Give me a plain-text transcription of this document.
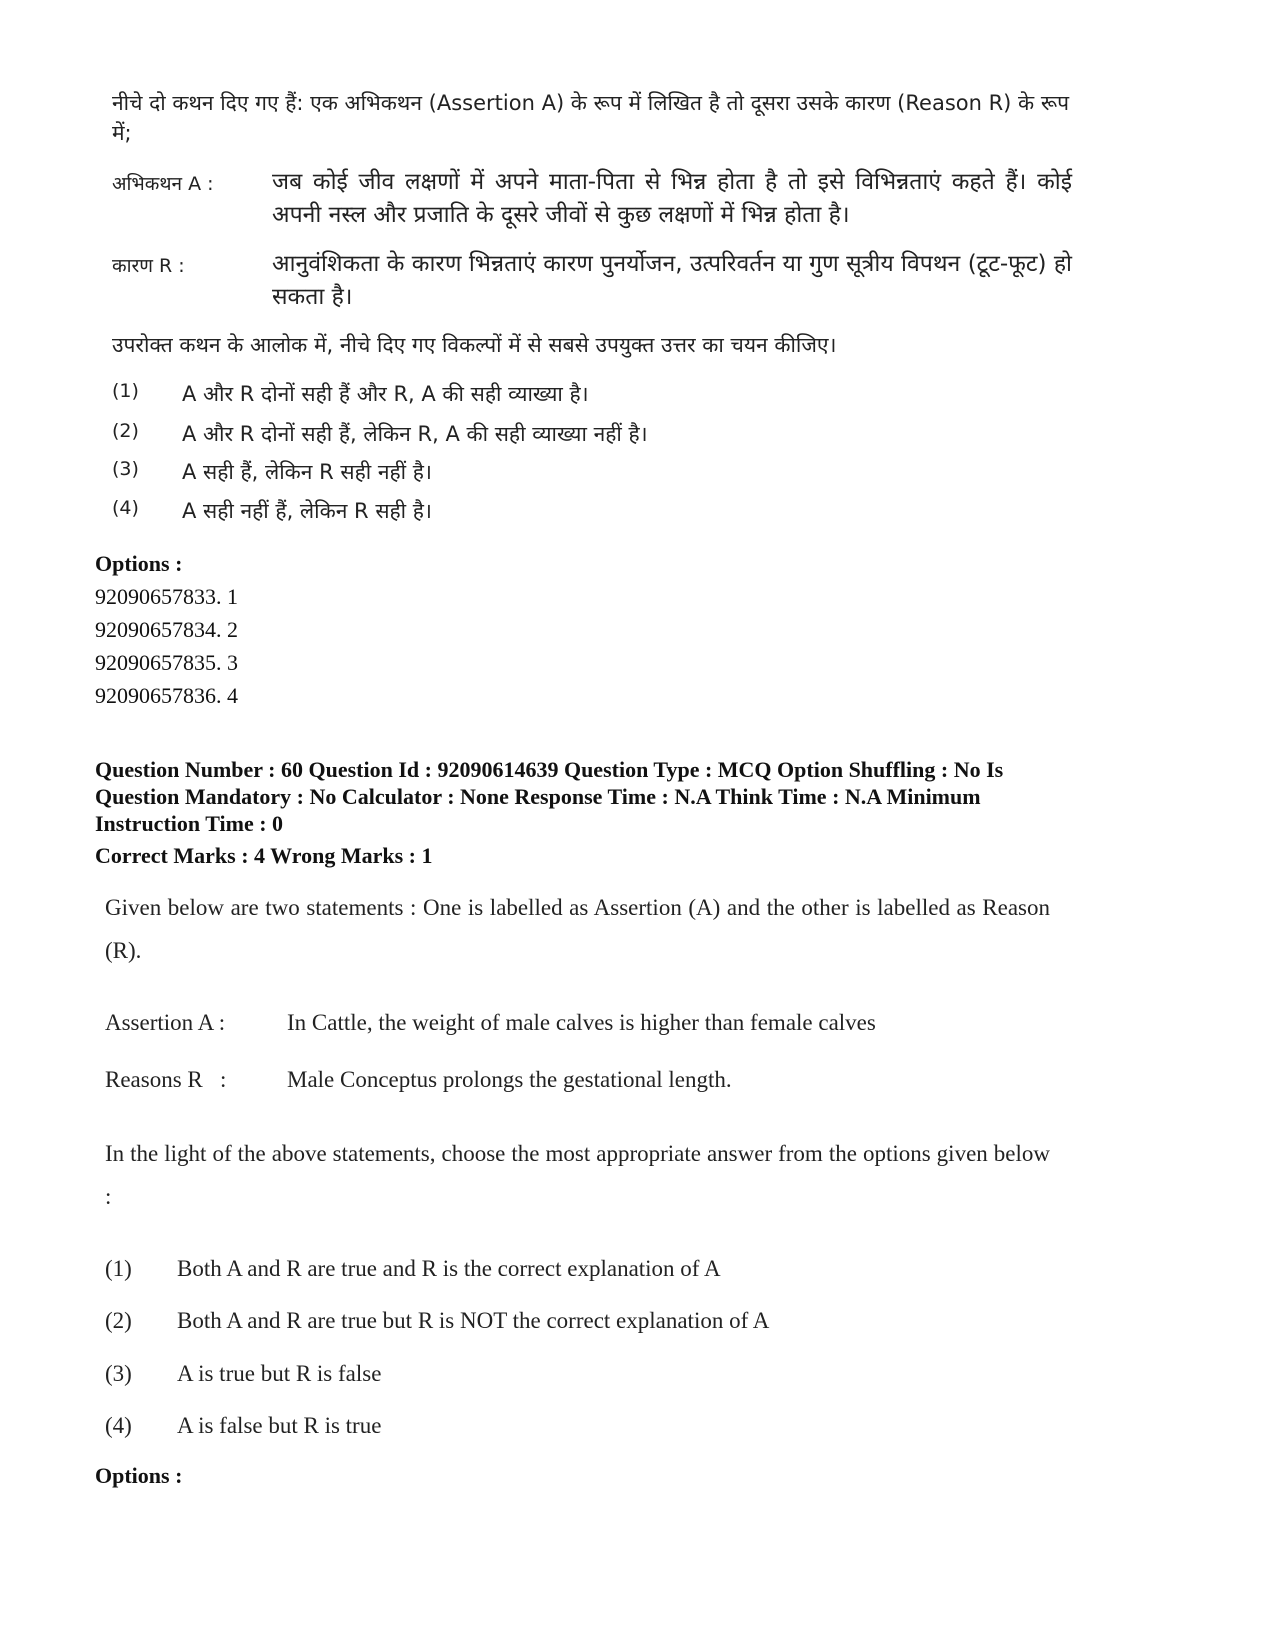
नीचे दो कथन दिए गए हैं: एक अभिकथन (Assertion A) के रूप में लिखित है तो दूसरा उसके कारण (Reason R) के रूप में;

अभिकथन A :	जब कोई जीव लक्षणों में अपने माता-पिता से भिन्न होता है तो इसे विभिन्नताएं कहते हैं। कोई अपनी नस्ल और प्रजाति के दूसरे जीवों से कुछ लक्षणों में भिन्न होता है।
कारण R :	आनुवंशिकता के कारण भिन्नताएं कारण पुनर्योजन, उत्परिवर्तन या गुण सूत्रीय विपथन (टूट-फूट) हो सकता है।
उपरोक्त कथन के आलोक में, नीचे दिए गए विकल्पों में से सबसे उपयुक्त उत्तर का चयन कीजिए।
(1)	A और R दोनों सही हैं और R, A की सही व्याख्या है।
(2)	A और R दोनों सही हैं, लेकिन R, A की सही व्याख्या नहीं है।
(3)	A सही हैं, लेकिन R सही नहीं है।
(4)	A सही नहीं हैं, लेकिन R सही है।
Options :
92090657833. 1
92090657834. 2
92090657835. 3
92090657836. 4
Question Number : 60 Question Id : 92090614639 Question Type : MCQ Option Shuffling : No Is
Question Mandatory : No Calculator : None Response Time : N.A Think Time : N.A Minimum
Instruction Time : 0
Correct Marks : 4 Wrong Marks : 1
Given below are two statements : One is labelled as Assertion (A) and the other is labelled as Reason (R).
Assertion A :	In Cattle, the weight of male calves is higher than female calves
Reasons R   :	Male Conceptus prolongs the gestational length.
In the light of the above statements, choose the most appropriate answer from the options given below :
(1) Both A and R are true and R is the correct explanation of A
(2) Both A and R are true but R is NOT the correct explanation of A
(3) A is true but R is false
(4) A is false but R is true
Options :
